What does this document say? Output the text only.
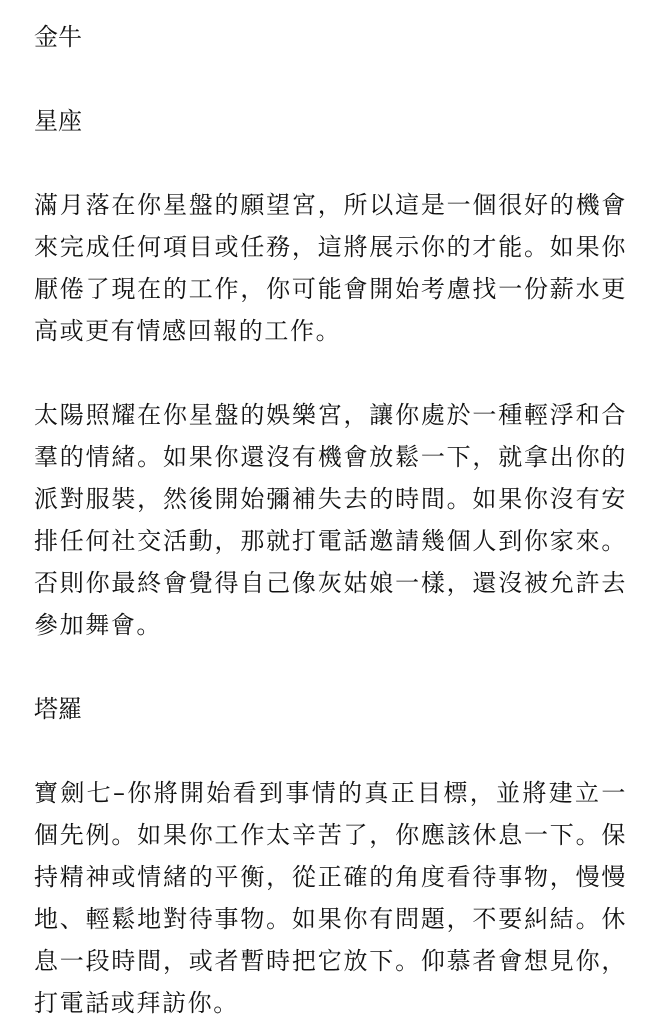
金牛

星座

滿月落在你星盤的願望宮，所以這是一個很好的機會來完成任何項目或任務，這將展示你的才能。如果你厭倦了現在的工作，你可能會開始考慮找一份薪水更高或更有情感回報的工作。

太陽照耀在你星盤的娛樂宮，讓你處於一種輕浮和合羣的情緒。如果你還沒有機會放鬆一下，就拿出你的派對服裝，然後開始彌補失去的時間。如果你沒有安排任何社交活動，那就打電話邀請幾個人到你家來。否則你最終會覺得自己像灰姑娘一樣，還沒被允許去參加舞會。

塔羅

寶劍七–你將開始看到事情的真正目標，並將建立一個先例。如果你工作太辛苦了，你應該休息一下。保持精神或情緒的平衡，從正確的角度看待事物，慢慢地、輕鬆地對待事物。如果你有問題，不要糾結。休息一段時間，或者暫時把它放下。仰慕者會想見你，打電話或拜訪你。
